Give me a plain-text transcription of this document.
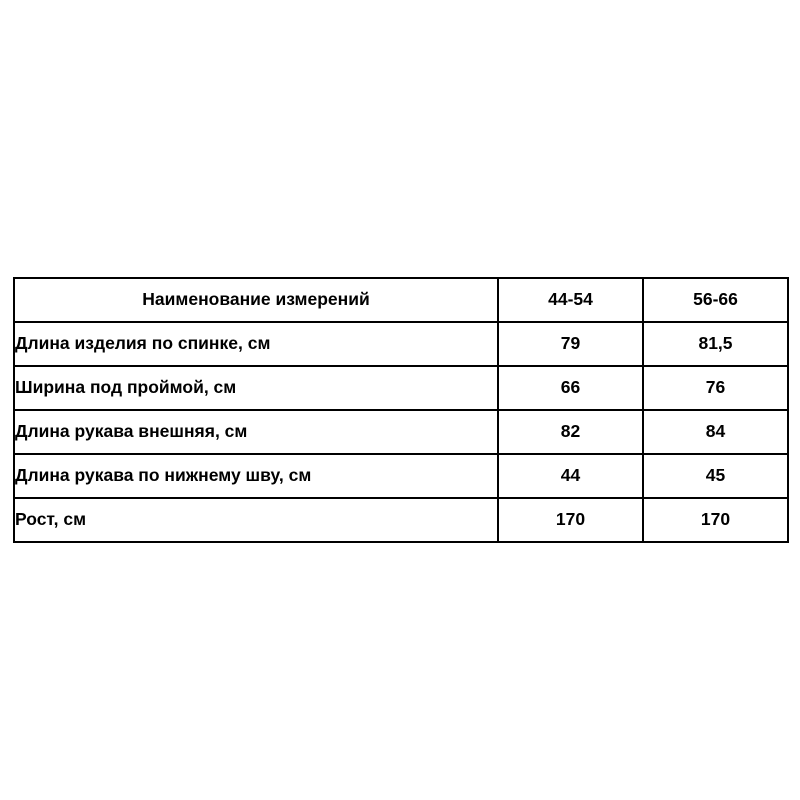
Наименование измерений	44-54	56-66
Длина изделия по спинке, см	79	81,5
Ширина под проймой, см	66	76
Длина рукава внешняя, см	82	84
Длина рукава по нижнему шву, см	44	45
Рост, см	170	170
